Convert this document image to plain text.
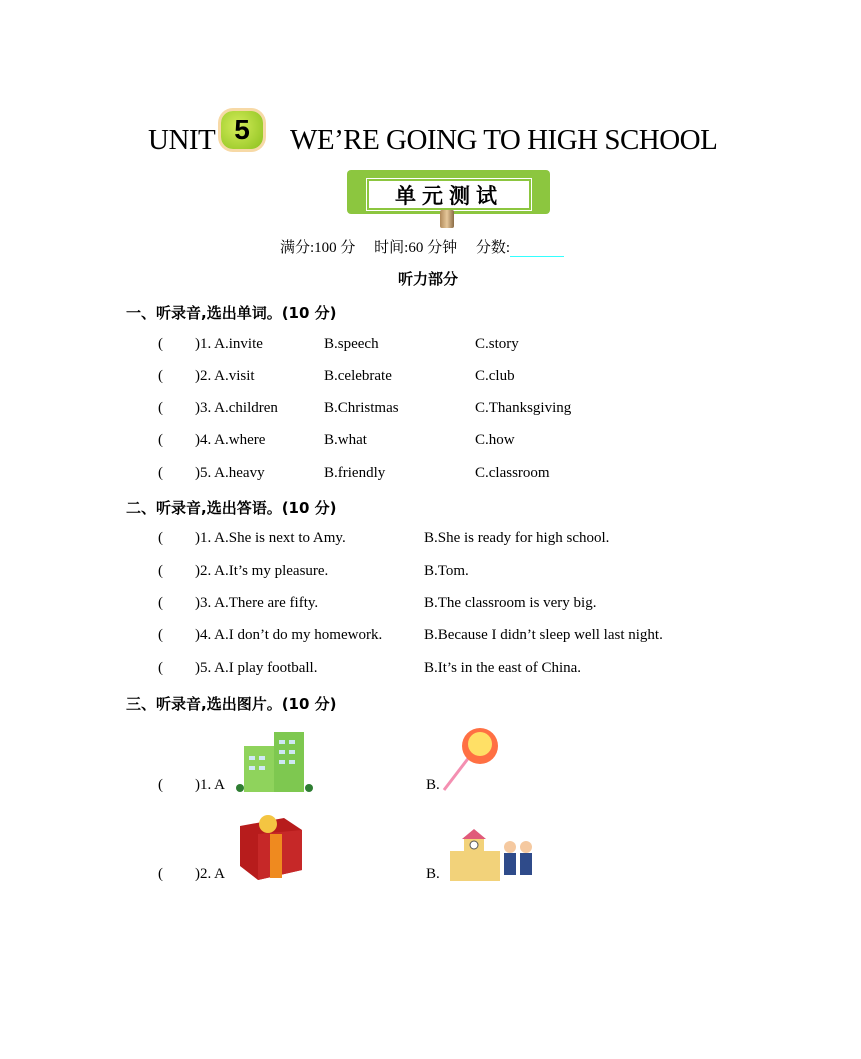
UNIT 5	WE’RE GOING TO HIGH SCHOOL
单元测试
满分:100 分 时间:60 分钟 分数:
听力部分
一、听录音,选出单词。(10 分)
( )1. A.invite	B.speech	C.story
( )2. A.visit	B.celebrate	C.club
( )3. A.children	B.Christmas	C.Thanksgiving
( )4. A.where	B.what	C.how
( )5. A.heavy	B.friendly	C.classroom
二、听录音,选出答语。(10 分)
( )1. A.She is next to Amy.	B.She is ready for high school.
( )2. A.It’s my pleasure.	B.Tom.
( )3. A.There are fifty.	B.The classroom is very big.
( )4. A.I don’t do my homework.	B.Because I didn’t sleep well last night.
( )5. A.I play football.	B.It’s in the east of China.
三、听录音,选出图片。(10 分)
( )1. A	B.
( )2. A	B.
